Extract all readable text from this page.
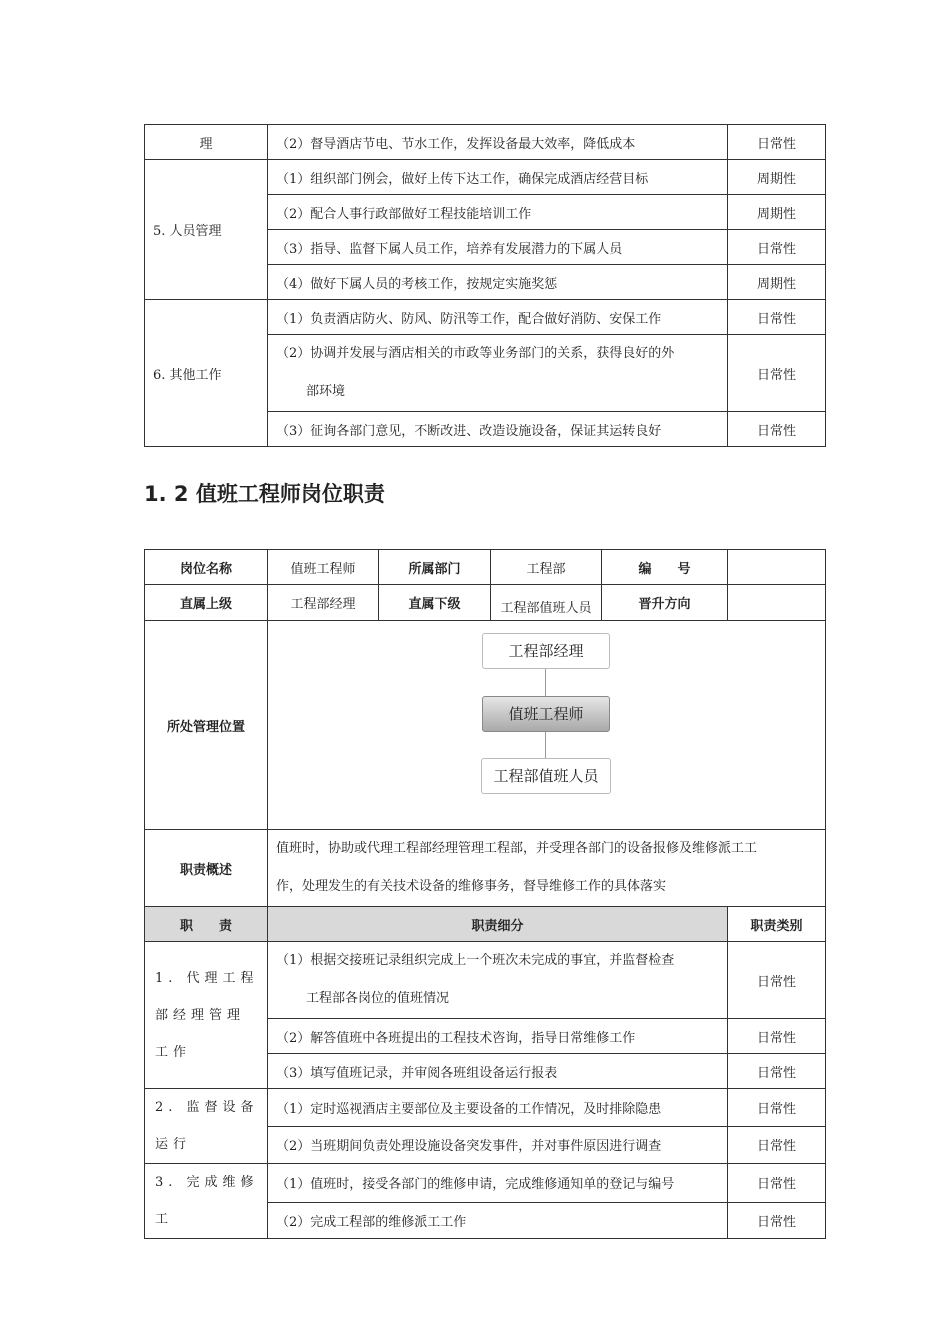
理	（2）督导酒店节电、节水工作，发挥设备最大效率，降低成本	日常性
5. 人员管理	（1）组织部门例会，做好上传下达工作，确保完成酒店经营目标	周期性
	（2）配合人事行政部做好工程技能培训工作	周期性
	（3）指导、监督下属人员工作，培养有发展潜力的下属人员	日常性
	（4）做好下属人员的考核工作，按规定实施奖惩	周期性
6. 其他工作	（1）负责酒店防火、防风、防汛等工作，配合做好消防、安保工作	日常性
	（2）协调并发展与酒店相关的市政等业务部门的关系，获得良好的外
部环境	日常性
	（3）征询各部门意见，不断改进、改造设施设备，保证其运转良好	日常性
1. 2 值班工程师岗位职责
岗位名称	值班工程师	所属部门	工程部	编　　号	
直属上级	工程部经理	直属下级	工程部值班人员	晋升方向	
所处管理位置	工程部经理
值班工程师
工程部值班人员				

职责概述	值班时，协助或代理工程部经理管理工程部，并受理各部门的设备报修及维修派工工
作，处理发生的有关技术设备的维修事务，督导维修工作的具体落实				
职　　责	职责细分				职责类别
1. 代理工程部经理管理工作	（1）根据交接班记录组织完成上一个班次未完成的事宜，并监督检查
工程部各岗位的值班情况				日常性
	（2）解答值班中各班提出的工程技术咨询，指导日常维修工作				日常性
	（3）填写值班记录，并审阅各班组设备运行报表				日常性
2. 监督设备运行	（1）定时巡视酒店主要部位及主要设备的工作情况，及时排除隐患				日常性
	（2）当班期间负责处理设施设备突发事件，并对事件原因进行调查				日常性
3. 完成维修工	（1）值班时，接受各部门的维修申请，完成维修通知单的登记与编号				日常性
	（2）完成工程部的维修派工工作				日常性
